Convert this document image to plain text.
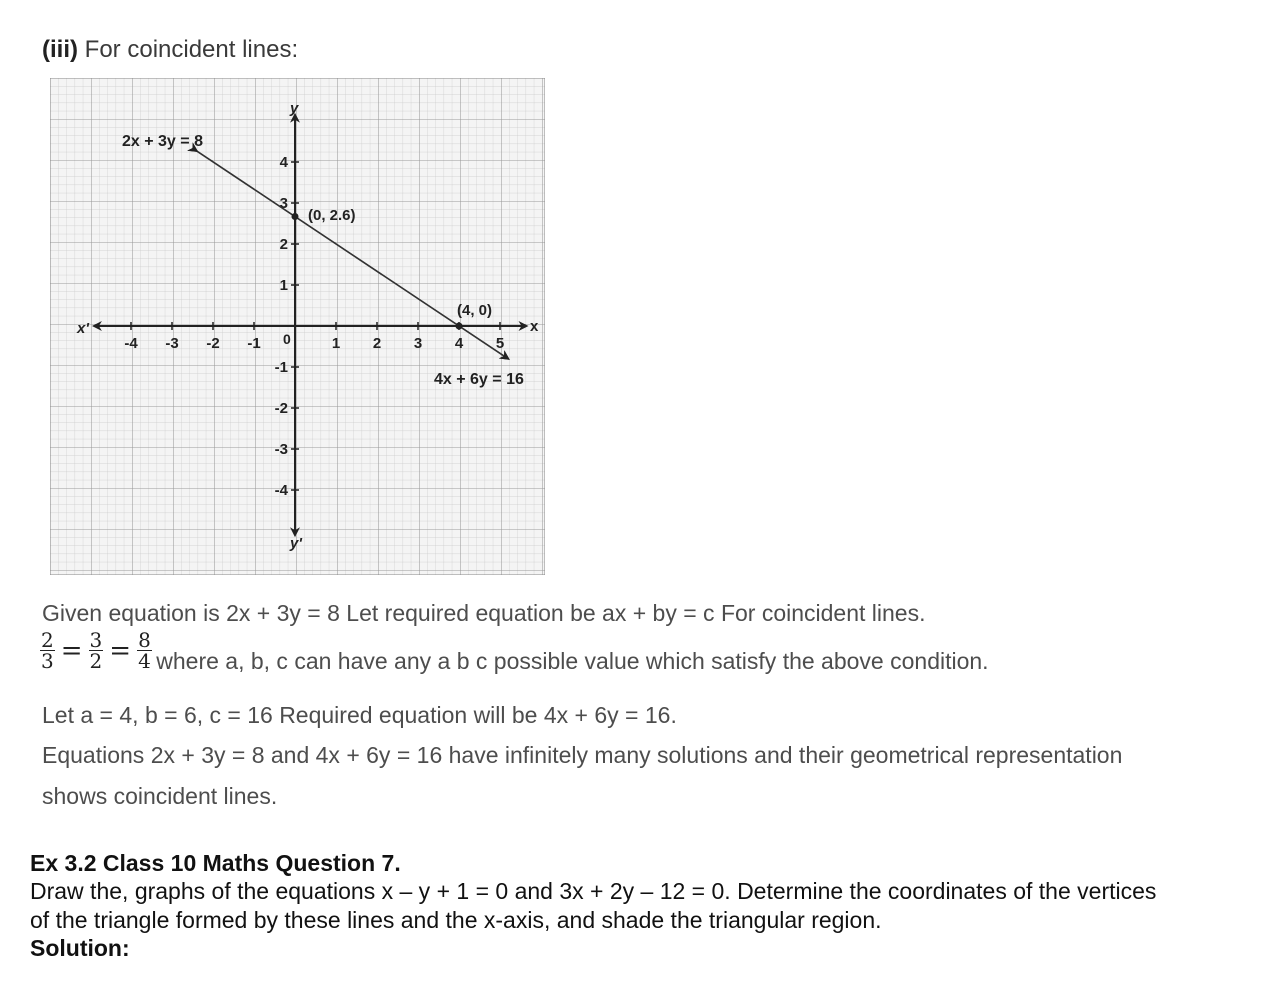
(iii) For coincident lines:
-4 -3 -2 -1	1 2 3 4 5
4
3
2
1
-1
-2
-3
-4
x
x'
y
y'
0
2x + 3y = 8
4x + 6y = 16
(0, 2.6)
(4, 0)
Given equation is 2x + 3y = 8 Let required equation be ax + by = c For coincident lines.
$\frac{2}{3} = \frac{3}{2} = \frac{8}{4}$ where a, b, c can have any a b c possible value which satisfy the above condition.
Let a = 4, b = 6, c = 16 Required equation will be 4x + 6y = 16.
Equations 2x + 3y = 8 and 4x + 6y = 16 have infinitely many solutions and their geometrical representation
shows coincident lines.
Ex 3.2 Class 10 Maths Question 7.
Draw the, graphs of the equations x – y + 1 = 0 and 3x + 2y – 12 = 0. Determine the coordinates of the vertices
of the triangle formed by these lines and the x-axis, and shade the triangular region.
Solution:
